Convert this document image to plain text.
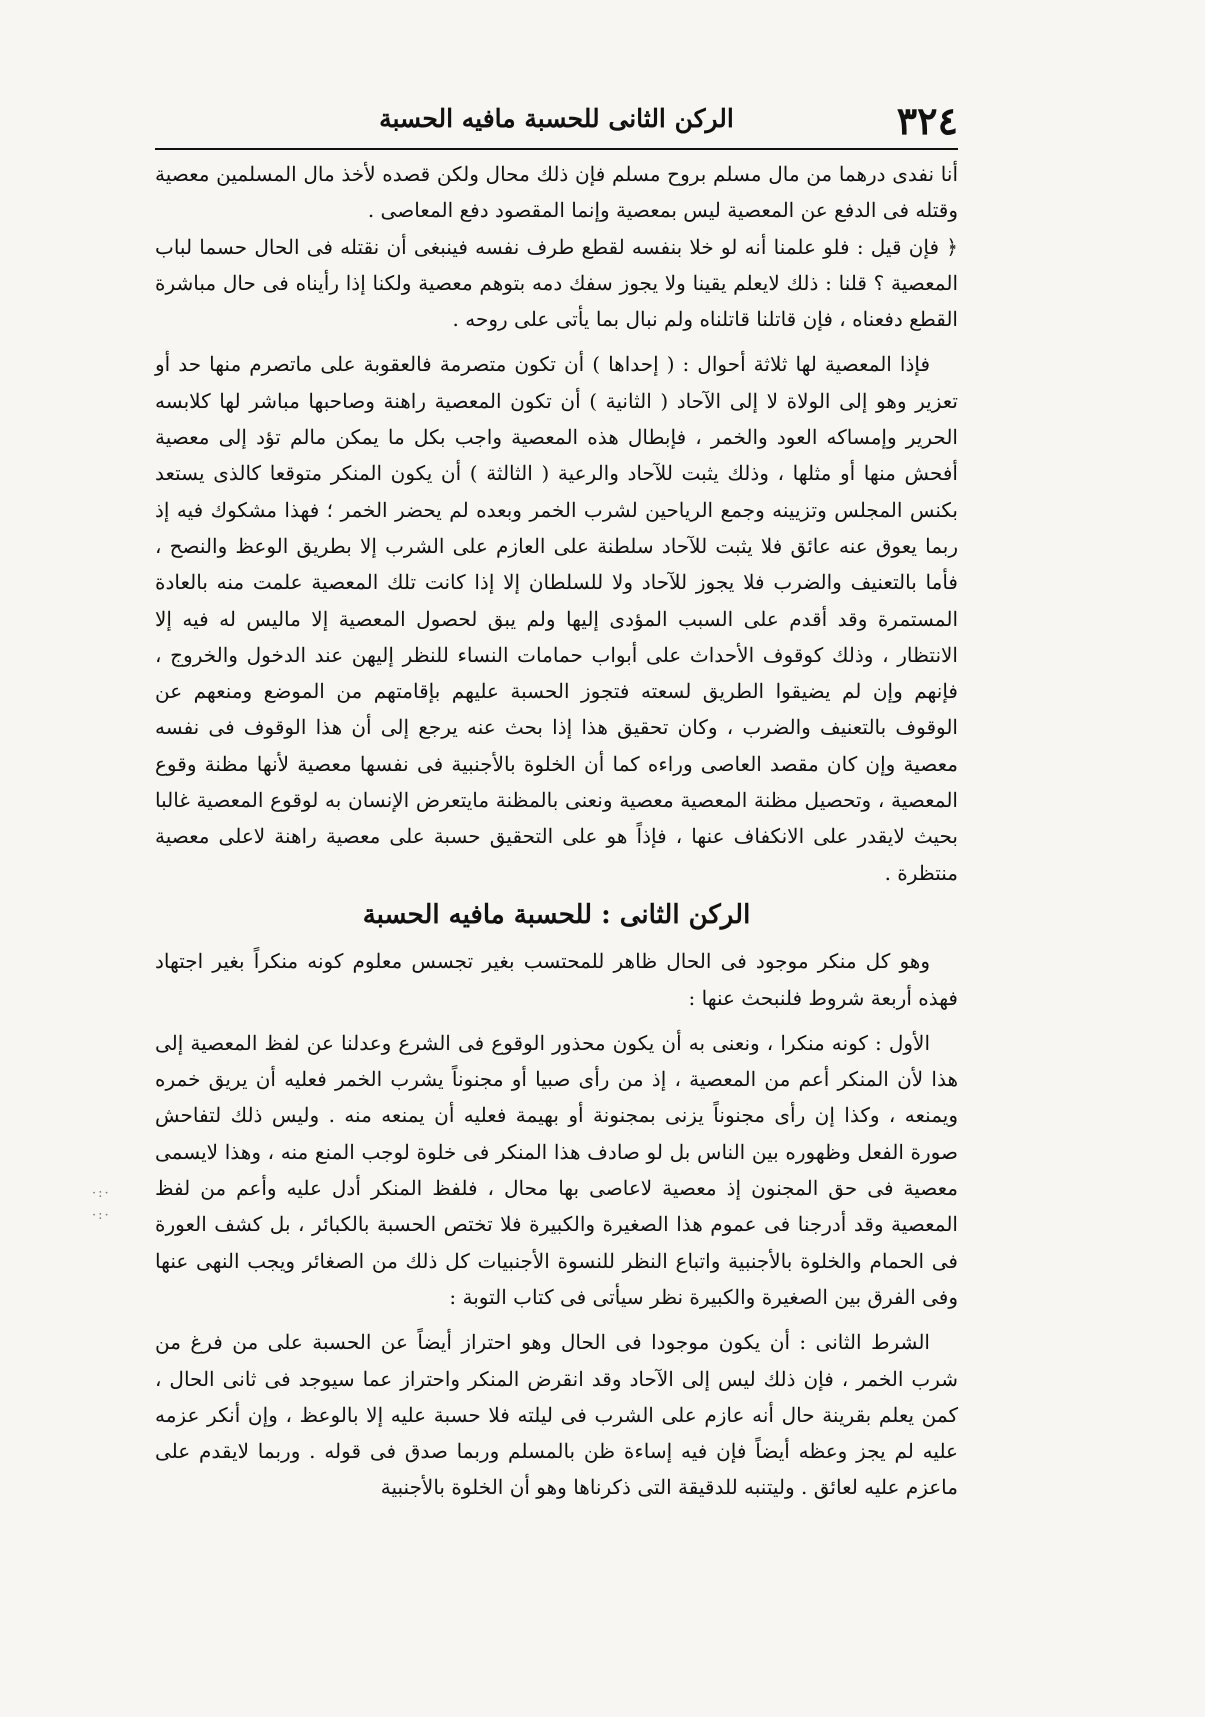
٣٢٤
الركن الثانى للحسبة مافيه الحسبة

أنا نفدى درهما من مال مسلم بروح مسلم فإن ذلك محال ولكن قصده لأخذ مال المسلمين معصية وقتله فى الدفع عن المعصية ليس بمعصية وإنما المقصود دفع المعاصى .

﴿ فإن قيل : فلو علمنا أنه لو خلا بنفسه لقطع طرف نفسه فينبغى أن نقتله فى الحال حسما لباب المعصية ؟ قلنا : ذلك لايعلم يقينا ولا يجوز سفك دمه بتوهم معصية ولكنا إذا رأيناه فى حال مباشرة القطع دفعناه ، فإن قاتلنا قاتلناه ولم نبال بما يأتى على روحه .

فإذا المعصية لها ثلاثة أحوال : ( إحداها ) أن تكون متصرمة فالعقوبة على ماتصرم منها حد أو تعزير وهو إلى الولاة لا إلى الآحاد ( الثانية ) أن تكون المعصية راهنة وصاحبها مباشر لها كلابسه الحرير وإمساكه العود والخمر ، فإبطال هذه المعصية واجب بكل ما يمكن مالم تؤد إلى معصية أفحش منها أو مثلها ، وذلك يثبت للآحاد والرعية ( الثالثة ) أن يكون المنكر متوقعا كالذى يستعد بكنس المجلس وتزيينه وجمع الرياحين لشرب الخمر وبعده لم يحضر الخمر ؛ فهذا مشكوك فيه إذ ربما يعوق عنه عائق فلا يثبت للآحاد سلطنة على العازم على الشرب إلا بطريق الوعظ والنصح ، فأما بالتعنيف والضرب فلا يجوز للآحاد ولا للسلطان إلا إذا كانت تلك المعصية علمت منه بالعادة المستمرة وقد أقدم على السبب المؤدى إليها ولم يبق لحصول المعصية إلا ماليس له فيه إلا الانتظار ، وذلك كوقوف الأحداث على أبواب حمامات النساء للنظر إليهن عند الدخول والخروج ، فإنهم وإن لم يضيقوا الطريق لسعته فتجوز الحسبة عليهم بإقامتهم من الموضع ومنعهم عن الوقوف بالتعنيف والضرب ، وكان تحقيق هذا إذا بحث عنه يرجع إلى أن هذا الوقوف فى نفسه معصية وإن كان مقصد العاصى وراءه كما أن الخلوة بالأجنبية فى نفسها معصية لأنها مظنة وقوع المعصية ، وتحصيل مظنة المعصية معصية ونعنى بالمظنة مايتعرض الإنسان به لوقوع المعصية غالبا بحيث لايقدر على الانكفاف عنها ، فإذاً هو على التحقيق حسبة على معصية راهنة لاعلى معصية منتظرة .

الركن الثانى : للحسبة مافيه الحسبة

وهو كل منكر موجود فى الحال ظاهر للمحتسب بغير تجسس معلوم كونه منكراً بغير اجتهاد فهذه أربعة شروط فلنبحث عنها :

الأول : كونه منكرا ، ونعنى به أن يكون محذور الوقوع فى الشرع وعدلنا عن لفظ المعصية إلى هذا لأن المنكر أعم من المعصية ، إذ من رأى صبيا أو مجنوناً يشرب الخمر فعليه أن يريق خمره ويمنعه ، وكذا إن رأى مجنوناً يزنى بمجنونة أو بهيمة فعليه أن يمنعه منه . وليس ذلك لتفاحش صورة الفعل وظهوره بين الناس بل لو صادف هذا المنكر فى خلوة لوجب المنع منه ، وهذا لايسمى معصية فى حق المجنون إذ معصية لاعاصى بها محال ، فلفظ المنكر أدل عليه وأعم من لفظ المعصية وقد أدرجنا فى عموم هذا الصغيرة والكبيرة فلا تختص الحسبة بالكبائر ، بل كشف العورة فى الحمام والخلوة بالأجنبية واتباع النظر للنسوة الأجنبيات كل ذلك من الصغائر ويجب النهى عنها وفى الفرق بين الصغيرة والكبيرة نظر سيأتى فى كتاب التوبة :

الشرط الثانى : أن يكون موجودا فى الحال وهو احتراز أيضاً عن الحسبة على من فرغ من شرب الخمر ، فإن ذلك ليس إلى الآحاد وقد انقرض المنكر واحتراز عما سيوجد فى ثانى الحال ، كمن يعلم بقرينة حال أنه عازم على الشرب فى ليلته فلا حسبة عليه إلا بالوعظ ، وإن أنكر عزمه عليه لم يجز وعظه أيضاً فإن فيه إساءة ظن بالمسلم وربما صدق فى قوله . وربما لايقدم على ماعزم عليه لعائق . وليتنبه للدقيقة التى ذكرناها وهو أن الخلوة بالأجنبية

·:·
·:·
